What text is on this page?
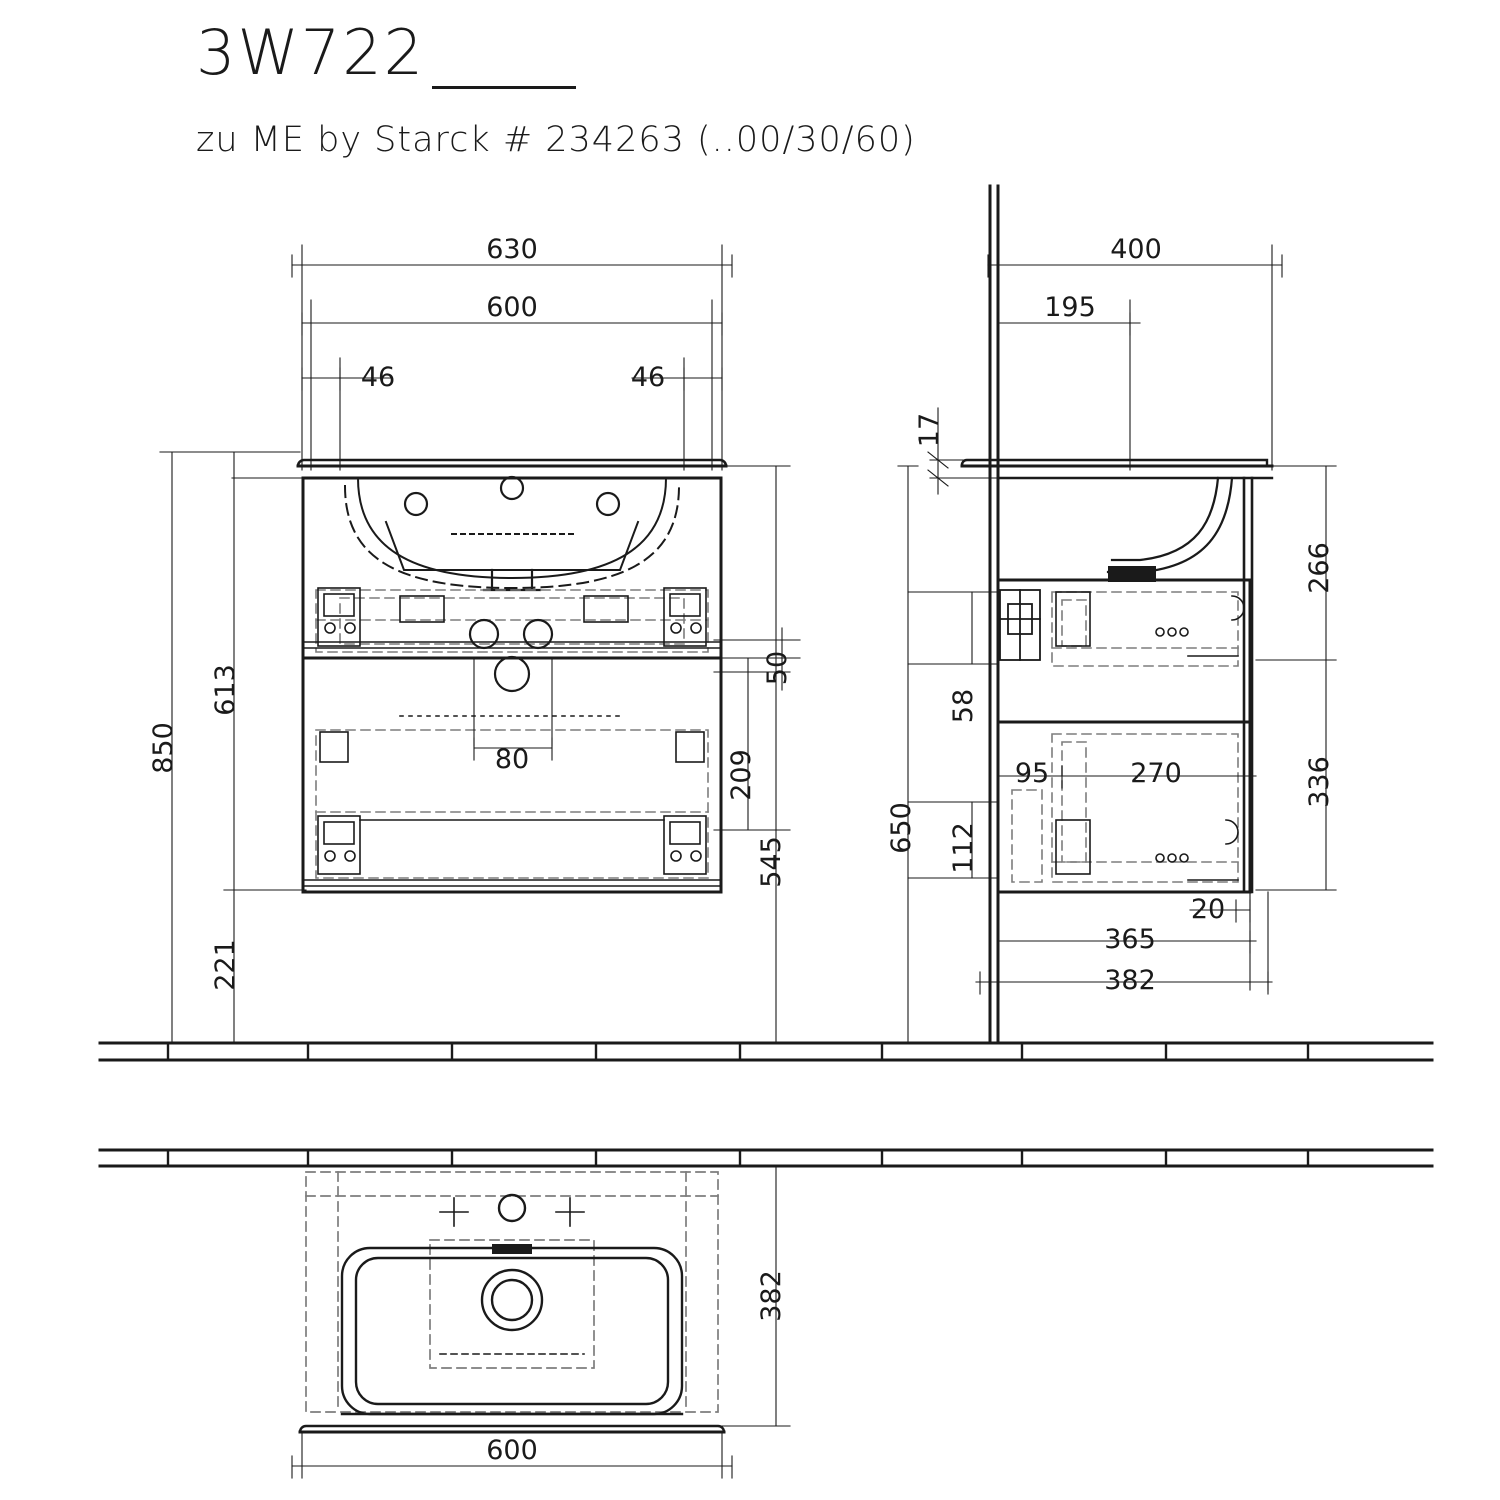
3W722
zu ME by Starck # 234263 (..00/30/60)
630
600
46	46
850
613
221
50
209
545
80
400
195
17
58
112
650
266
336
95	270
20
365
382
382
600
